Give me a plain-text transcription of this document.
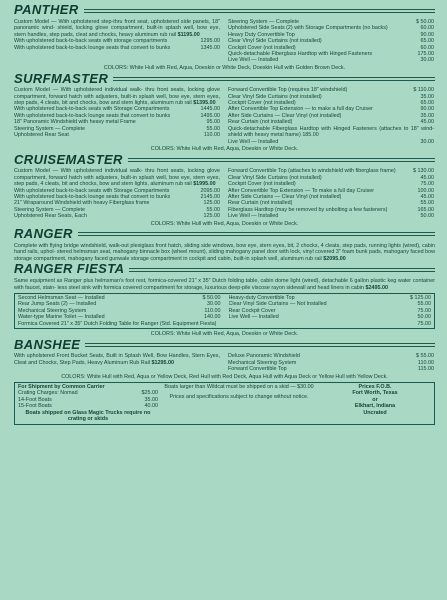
PANTHER
Custom Model — With upholstered step-thru front seat, upholstered side panels, 18" panoramic wind- shield, locking glove compartment, built-in splash well, bow eye, stern handles, step pads, cleat and chocks, heavy aluminum rub rail $1195.00
With upholstered back-to-back seats with storage compartments	1295.00
With upholstered back-to-back lounge seats that convert to bunks	1345.00
Steering System — Complete	$ 50.00
Upholstered Side Seats (2) with Storage Compartments (no backs)	60.00
Heavy Duty Convertible Top	90.00
Clear Vinyl Side Curtains (not installed)	65.00
Cockpit Cover (not installed)	60.00
Quick-detachable Fiberglass Hardtop with Hinged Fasteners	175.00
Live Well — Installed	30.00
COLORS: White Hull with Red, Aqua, Doeskin or White Deck, Doeskin Hull with Golden Brown Deck.
SURFMASTER
Custom Model — With upholstered individual walk- thru front seats, locking glove compartment, forward hatch with adjusters, built-in splash well, bow eye, stern eyes, step pads, 4 cleats, bit and chocks, bow and stern lights, aluminum rub rail $1395.00
With upholstered back-to-back seats with Storage Compartments	1445.00
With upholstered back-to-back lounge seats that convert to bunks	1495.00
18" Panoramic Windshield with heavy metal Frame	95.00
Steering System — Complete	55.00
Upholstered Rear Seat	110.00
Forward Convertible Top (requires 18" windshield)	$ 110.00
Clear Vinyl Side Curtains (not installed)	35.00
Cockpit Cover (not installed)	65.00
After Convertible Top Extension — to make a full day Cruiser	90.00
After Side Curtains — Clear Vinyl (not installed)	35.00
Rear Curtain (not installed)	45.00
Quick-detachable Fiberglass Hardtop with Hinged Fasteners (attaches to 18" wind- shield with heavy metal frame) 185.00
Live Well — Installed	30.00
COLORS: White Hull with Red, Aqua, Doeskin or White Deck.
CRUISEMASTER
Custom Model — With upholstered individual walk- thru front seats, locking glove compartment, forward hatch with adjusters, built-in splash well, bow eye, stern eyes, step pads, 4 cleats, bit and chocks, bow and stern lights, aluminum rub rail $1995.00
With upholstered back-to-back seats with Storage Compartments	2095.00
With upholstered back-to-back lounge seats that convert to bunks	2145.00
21" Wraparound Windshield with heavy Fiberglass frame	125.00
Steering System — Complete	55.00
Upholstered Rear Seats, Each	125.00
Forward Convertible Top (attaches to windshield with fiberglass frame)	$ 130.00
Clear Vinyl Side Curtains (not installed)	45.00
Cockpit Cover (not installed)	75.00
After Convertible Top Extension — To make a full day Cruiser	100.00
After Side Curtains — Clear Vinyl (not installed)	45.00
Rear Curtain (not installed)	55.00
Fiberglass Hardtop (may be removed by unbolting a few fasteners)	165.00
Live Well — Installed	50.00
COLORS: White Hull with Red, Aqua, Doeskin or White Deck.
RANGER
Complete with flying bridge windshield, walk-out plexiglass front hatch, sliding side windows, bow eye, stern eyes, bit, 2 chocks, 4 cleats, step pads, running lights (wired), cabin hand rails, uphol- stered helmsman seat, mahogany binnacle box (wheel mount), sliding mahogany panel door with lock, vinyl covered 3" foam bunk pads, mahogany faced bow storage compartment, mahogany faced gunwale storage compartment in cockpit and cabin, built-in splash well, aluminum rub rail $2095.00
RANGER FIESTA
Same equipment as Ranger plus helmsman's foot rest, formica-covered 21" x 35" Dutch folding table, cabin dome light (wired), detachable 6 gallon plastic keg water container with faucet, stain- less steel sink with formica covered compartment for storage, luxurious deep-pile viscose rayon sidewall and head liners in cabin $2495.00
Second Helmsman Seat — Installed	$ 50.00
Rear Jump Seats (2) — Installed	30.00
Mechanical Steering System	110.00
Water-type Marine Toilet — Installed	140.00
Heavy-duty Convertible Top	$ 125.00
Clear Vinyl Side Curtains — Not Installed	55.00
Rear Cockpit Cover	75.00
Live Well — Installed	50.00
Formica Covered 21" x 35" Dutch Folding Table for Ranger (Std. Equipment Fiesta)	75.00
COLORS: White Hull with Red, Aqua, Doeskin or White Deck.
BANSHEE
With upholstered Front Bucket Seats, Built in Splash Well, Bow Handles, Stern Eyes, Cleat and Chocks, Step Pads, Heavy Aluminum Rub Rail $1295.00
Deluxe Panoramic Windshield	$ 55.00
Mechanical Steering System	110.00
Forward Convertible Top	115.00
COLORS: White Hull with Red, Aqua or Yellow Deck, Red Hull with Red Deck, Aqua Hull with Aqua Deck or Yellow Hull with Yellow Deck.
For Shipment by Common Carrier
Crating Charges: Nomad	$25.00
14-Foot Boats	35.00
15-Foot Boats	40.00
Boats shipped on Glass Magic Trucks require no crating or skids
Boats larger than Wildcat must be shipped on a skid — $30.00
Prices and specifications subject to change without notice.
Prices F.O.B.
Fort Worth, Texas
or
Elkhart, Indiana
Uncrated
